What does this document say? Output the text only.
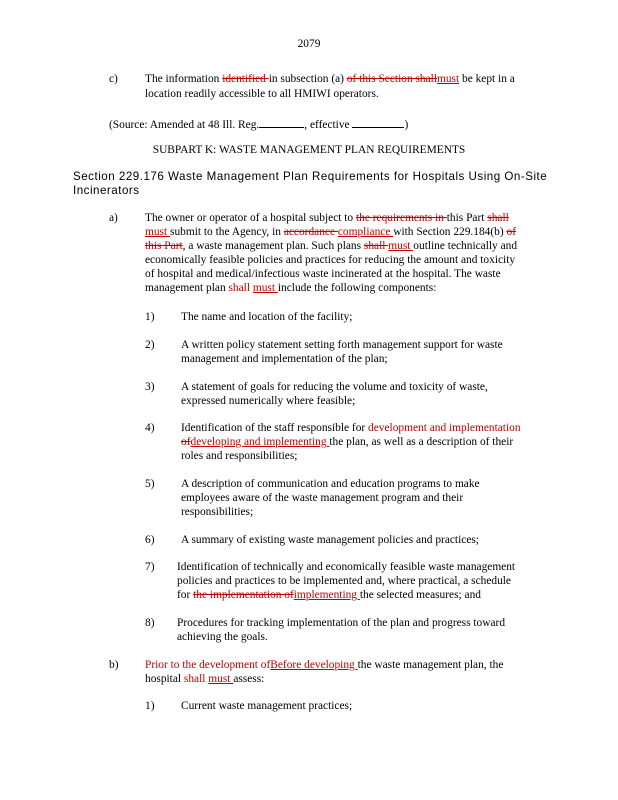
2079
c) The information identified in subsection (a) of this Section shallmust be kept in a
location readily accessible to all HMIWI operators.
(Source: Amended at 48 Ill. Reg.	, effective	)
SUBPART K: WASTE MANAGEMENT PLAN REQUIREMENTS
Section 229.176 Waste Management Plan Requirements for Hospitals Using On-Site
Incinerators
a) The owner or operator of a hospital subject to the requirements in this Part shall
must submit to the Agency, in accordance compliance with Section 229.184(b) of
this Part, a waste management plan. Such plans shall must outline technically and
economically feasible policies and practices for reducing the amount and toxicity
of hospital and medical/infectious waste incinerated at the hospital. The waste
management plan shall must include the following components:
1) The name and location of the facility;
2) A written policy statement setting forth management support for waste
management and implementation of the plan;
3) A statement of goals for reducing the volume and toxicity of waste,
expressed numerically where feasible;
4) Identification of the staff responsible for development and implementation
ofdeveloping and implementing the plan, as well as a description of their
roles and responsibilities;
5) A description of communication and education programs to make
employees aware of the waste management program and their
responsibilities;
6) A summary of existing waste management policies and practices;
7) Identification of technically and economically feasible waste management
policies and practices to be implemented and, where practical, a schedule
for the implementation ofimplementing the selected measures; and
8) Procedures for tracking implementation of the plan and progress toward
achieving the goals.
b) Prior to the development ofBefore developing the waste management plan, the
hospital shall must assess:
1) Current waste management practices;
